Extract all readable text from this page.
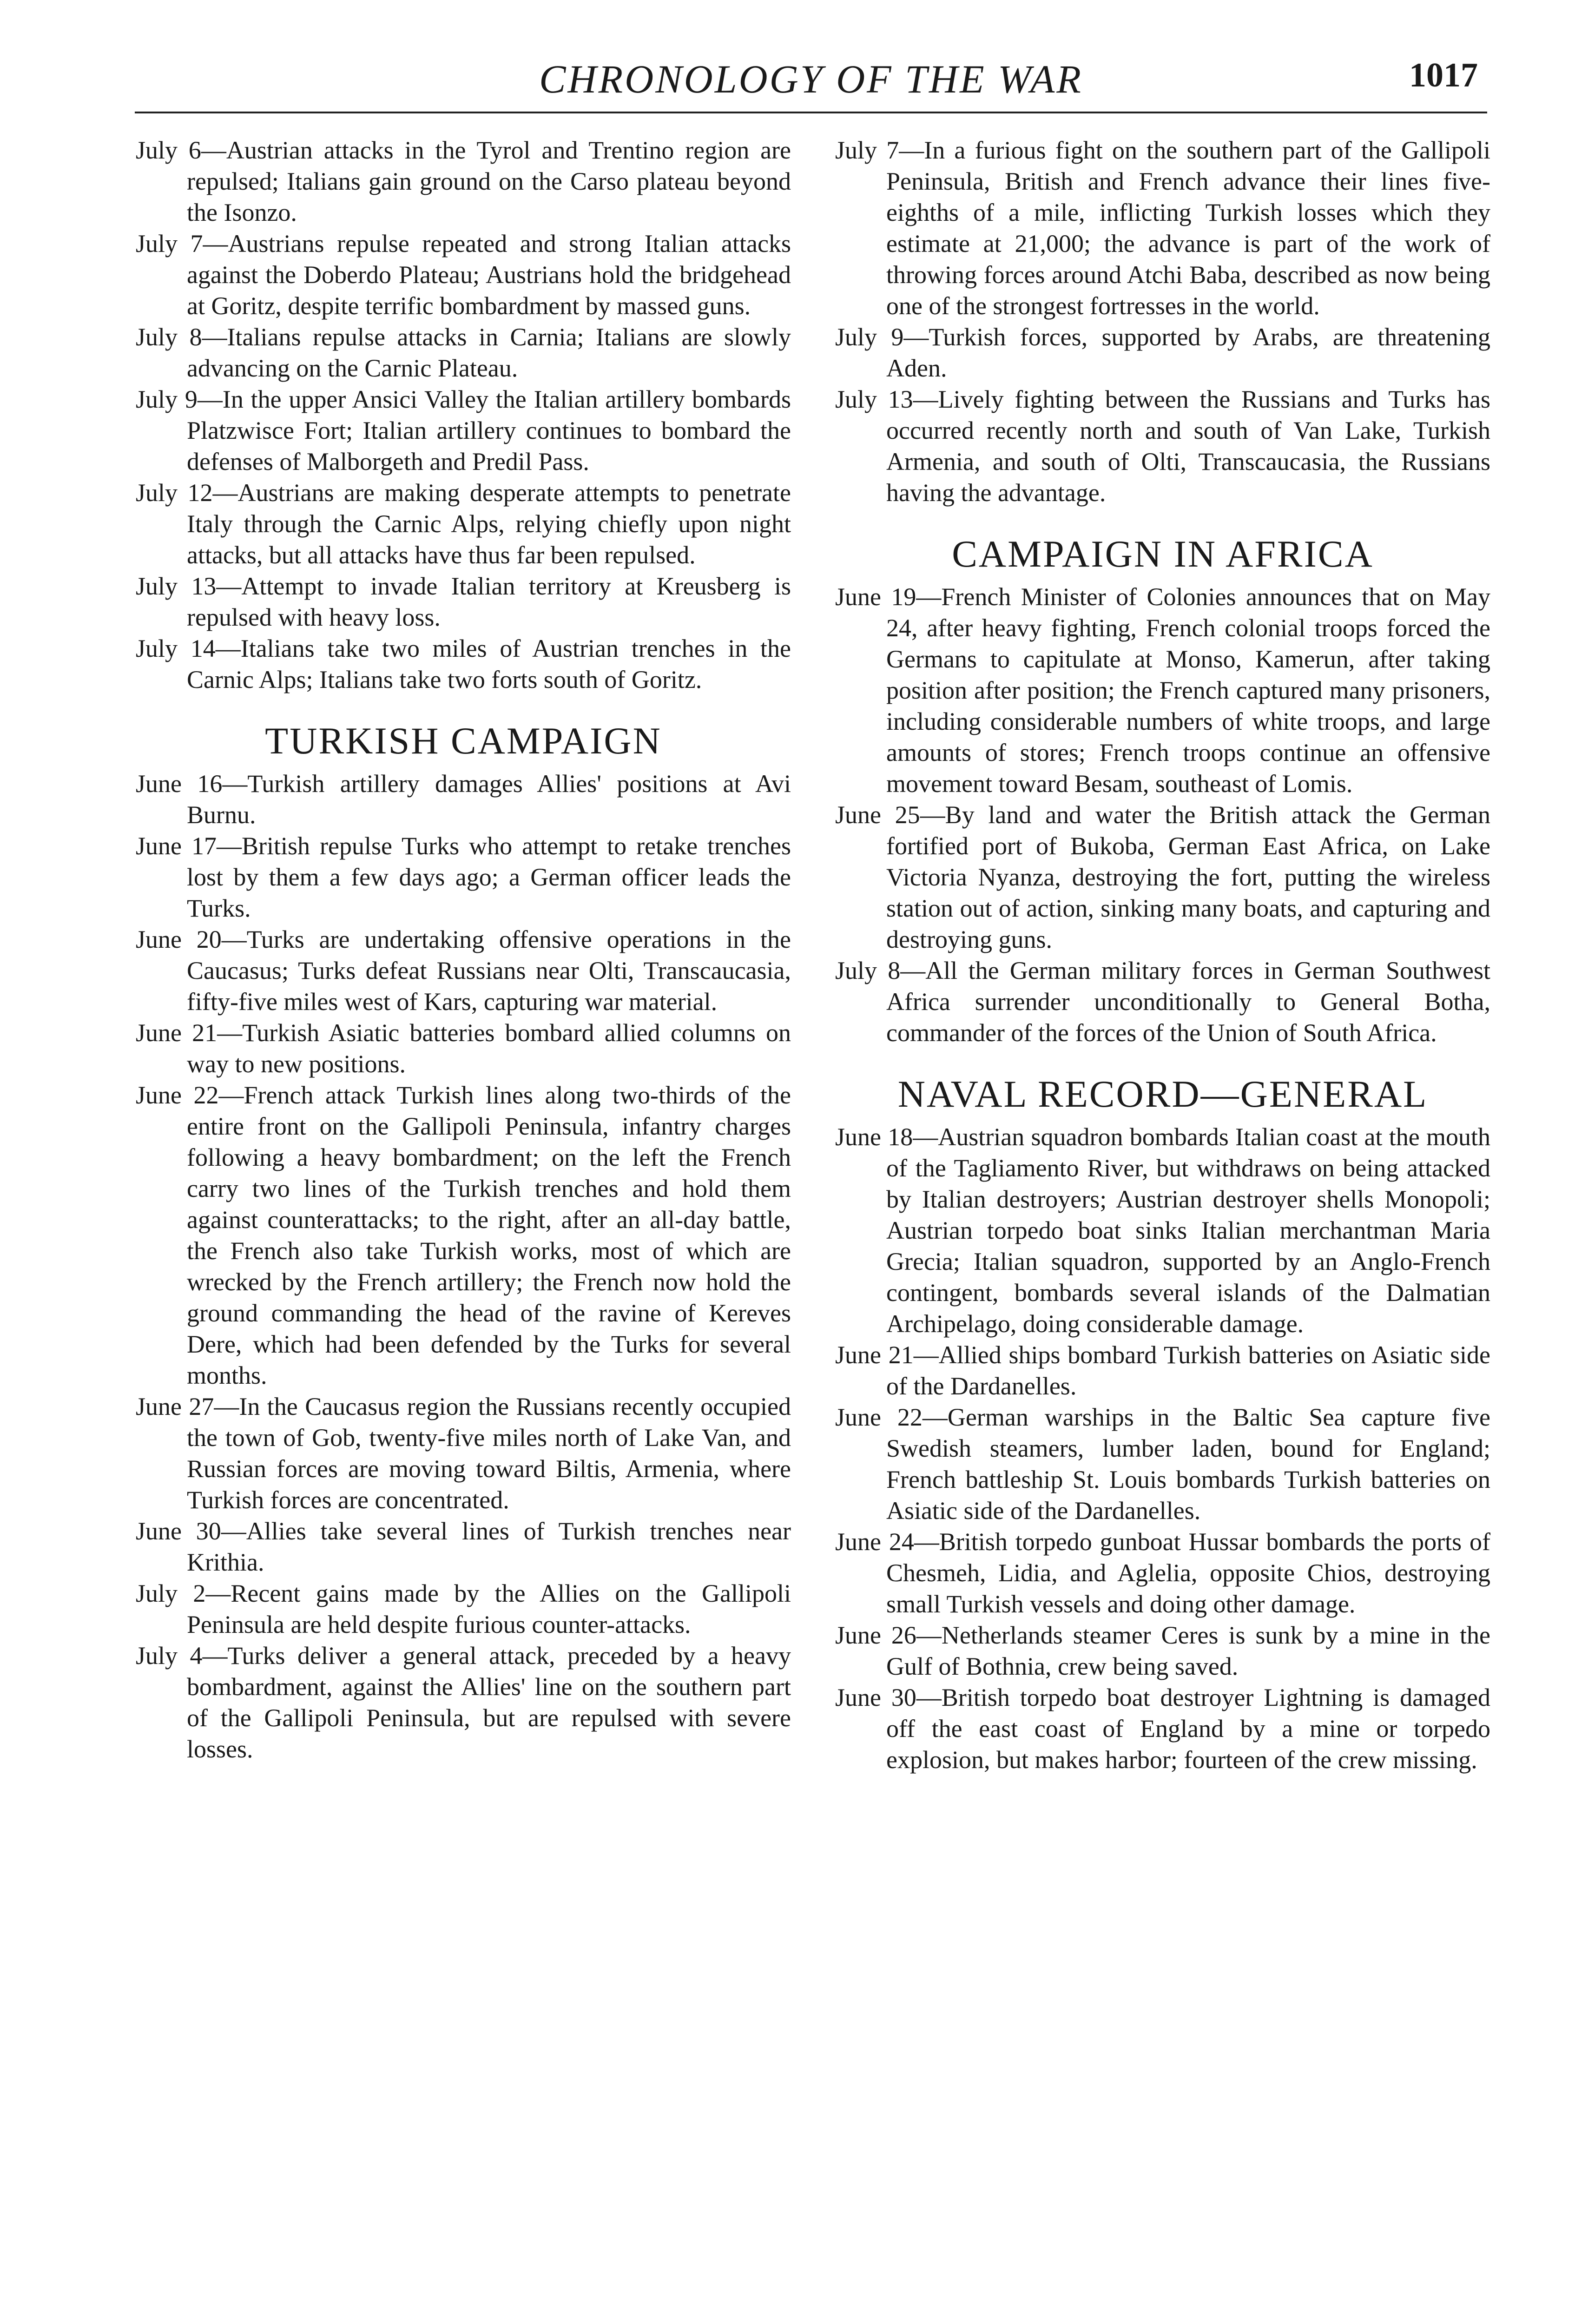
CHRONOLOGY OF THE WAR	1017

July 6—Austrian attacks in the Tyrol and Trentino region are repulsed; Italians gain ground on the Carso plateau beyond the Isonzo.

July 7—Austrians repulse repeated and strong Italian attacks against the Doberdo Plateau; Austrians hold the bridgehead at Goritz, despite terrific bombardment by massed guns.

July 8—Italians repulse attacks in Carnia; Italians are slowly advancing on the Carnic Plateau.

July 9—In the upper Ansici Valley the Italian artillery bombards Platzwisce Fort; Italian artillery continues to bombard the defenses of Malborgeth and Predil Pass.

July 12—Austrians are making desperate attempts to penetrate Italy through the Carnic Alps, relying chiefly upon night attacks, but all attacks have thus far been repulsed.

July 13—Attempt to invade Italian territory at Kreusberg is repulsed with heavy loss.

July 14—Italians take two miles of Austrian trenches in the Carnic Alps; Italians take two forts south of Goritz.

TURKISH CAMPAIGN

June 16—Turkish artillery damages Allies' positions at Avi Burnu.

June 17—British repulse Turks who attempt to retake trenches lost by them a few days ago; a German officer leads the Turks.

June 20—Turks are undertaking offensive operations in the Caucasus; Turks defeat Russians near Olti, Transcaucasia, fifty-five miles west of Kars, capturing war material.

June 21—Turkish Asiatic batteries bombard allied columns on way to new positions.

June 22—French attack Turkish lines along two-thirds of the entire front on the Gallipoli Peninsula, infantry charges following a heavy bombardment; on the left the French carry two lines of the Turkish trenches and hold them against counterattacks; to the right, after an all-day battle, the French also take Turkish works, most of which are wrecked by the French artillery; the French now hold the ground commanding the head of the ravine of Kereves Dere, which had been defended by the Turks for several months.

June 27—In the Caucasus region the Russians recently occupied the town of Gob, twenty-five miles north of Lake Van, and Russian forces are moving toward Biltis, Armenia, where Turkish forces are concentrated.

June 30—Allies take several lines of Turkish trenches near Krithia.

July 2—Recent gains made by the Allies on the Gallipoli Peninsula are held despite furious counter-attacks.

July 4—Turks deliver a general attack, preceded by a heavy bombardment, against the Allies' line on the southern part of the Gallipoli Peninsula, but are repulsed with severe losses.

July 7—In a furious fight on the southern part of the Gallipoli Peninsula, British and French advance their lines five-eighths of a mile, inflicting Turkish losses which they estimate at 21,000; the advance is part of the work of throwing forces around Atchi Baba, described as now being one of the strongest fortresses in the world.

July 9—Turkish forces, supported by Arabs, are threatening Aden.

July 13—Lively fighting between the Russians and Turks has occurred recently north and south of Van Lake, Turkish Armenia, and south of Olti, Transcaucasia, the Russians having the advantage.

CAMPAIGN IN AFRICA

June 19—French Minister of Colonies announces that on May 24, after heavy fighting, French colonial troops forced the Germans to capitulate at Monso, Kamerun, after taking position after position; the French captured many prisoners, including considerable numbers of white troops, and large amounts of stores; French troops continue an offensive movement toward Besam, southeast of Lomis.

June 25—By land and water the British attack the German fortified port of Bukoba, German East Africa, on Lake Victoria Nyanza, destroying the fort, putting the wireless station out of action, sinking many boats, and capturing and destroying guns.

July 8—All the German military forces in German Southwest Africa surrender unconditionally to General Botha, commander of the forces of the Union of South Africa.

NAVAL RECORD—GENERAL

June 18—Austrian squadron bombards Italian coast at the mouth of the Tagliamento River, but withdraws on being attacked by Italian destroyers; Austrian destroyer shells Monopoli; Austrian torpedo boat sinks Italian merchantman Maria Grecia; Italian squadron, supported by an Anglo-French contingent, bombards several islands of the Dalmatian Archipelago, doing considerable damage.

June 21—Allied ships bombard Turkish batteries on Asiatic side of the Dardanelles.

June 22—German warships in the Baltic Sea capture five Swedish steamers, lumber laden, bound for England; French battleship St. Louis bombards Turkish batteries on Asiatic side of the Dardanelles.

June 24—British torpedo gunboat Hussar bombards the ports of Chesmeh, Lidia, and Aglelia, opposite Chios, destroying small Turkish vessels and doing other damage.

June 26—Netherlands steamer Ceres is sunk by a mine in the Gulf of Bothnia, crew being saved.

June 30—British torpedo boat destroyer Lightning is damaged off the east coast of England by a mine or torpedo explosion, but makes harbor; fourteen of the crew missing.
